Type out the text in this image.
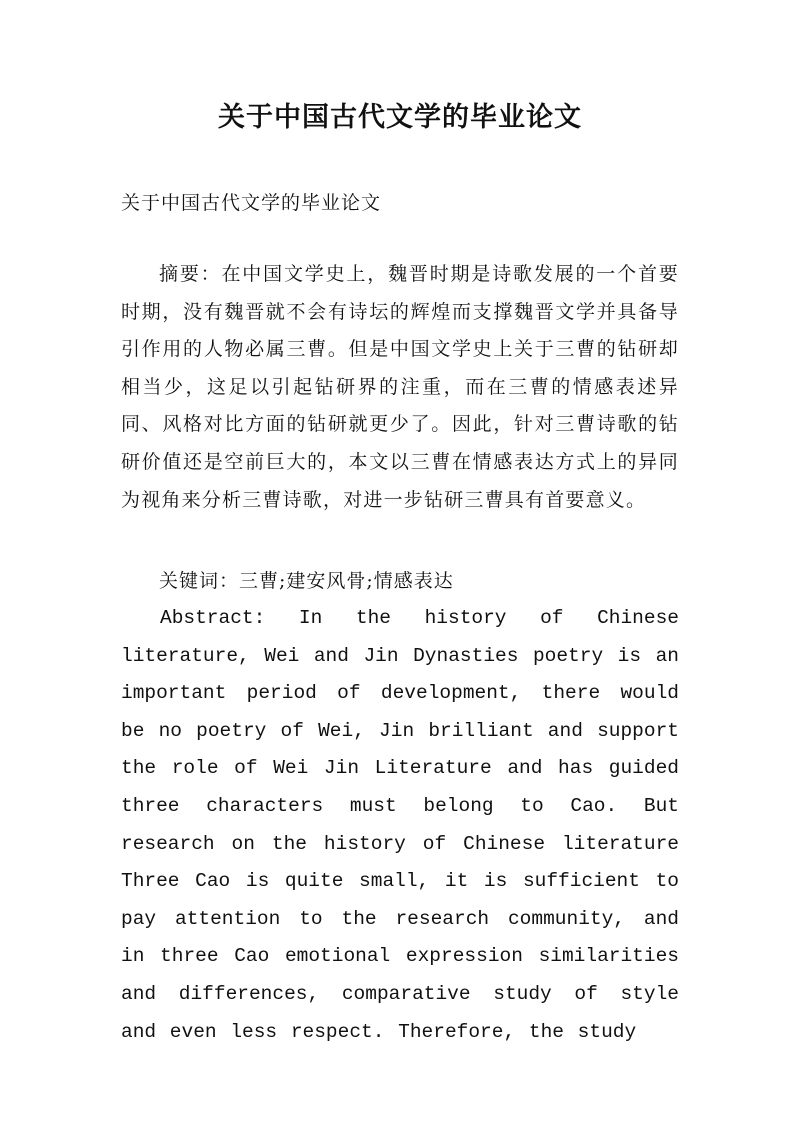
关于中国古代文学的毕业论文

关于中国古代文学的毕业论文

摘要：在中国文学史上，魏晋时期是诗歌发展的一个首要时期，没有魏晋就不会有诗坛的辉煌而支撑魏晋文学并具备导引作用的人物必属三曹。但是中国文学史上关于三曹的钻研却相当少，这足以引起钻研界的注重，而在三曹的情感表述异同、风格对比方面的钻研就更少了。因此，针对三曹诗歌的钻研价值还是空前巨大的，本文以三曹在情感表达方式上的异同为视角来分析三曹诗歌，对进一步钻研三曹具有首要意义。

关键词：三曹;建安风骨;情感表达

Abstract: In the history of Chinese literature, Wei and Jin Dynasties poetry is an important period of development, there would be no poetry of Wei, Jin brilliant and support the role of Wei Jin Literature and has guided three characters must belong to Cao. But research on the history of Chinese literature Three Cao is quite small, it is sufficient to pay attention to the research community, and in three Cao emotional expression similarities and differences, comparative study of style and even less respect. Therefore, the study
